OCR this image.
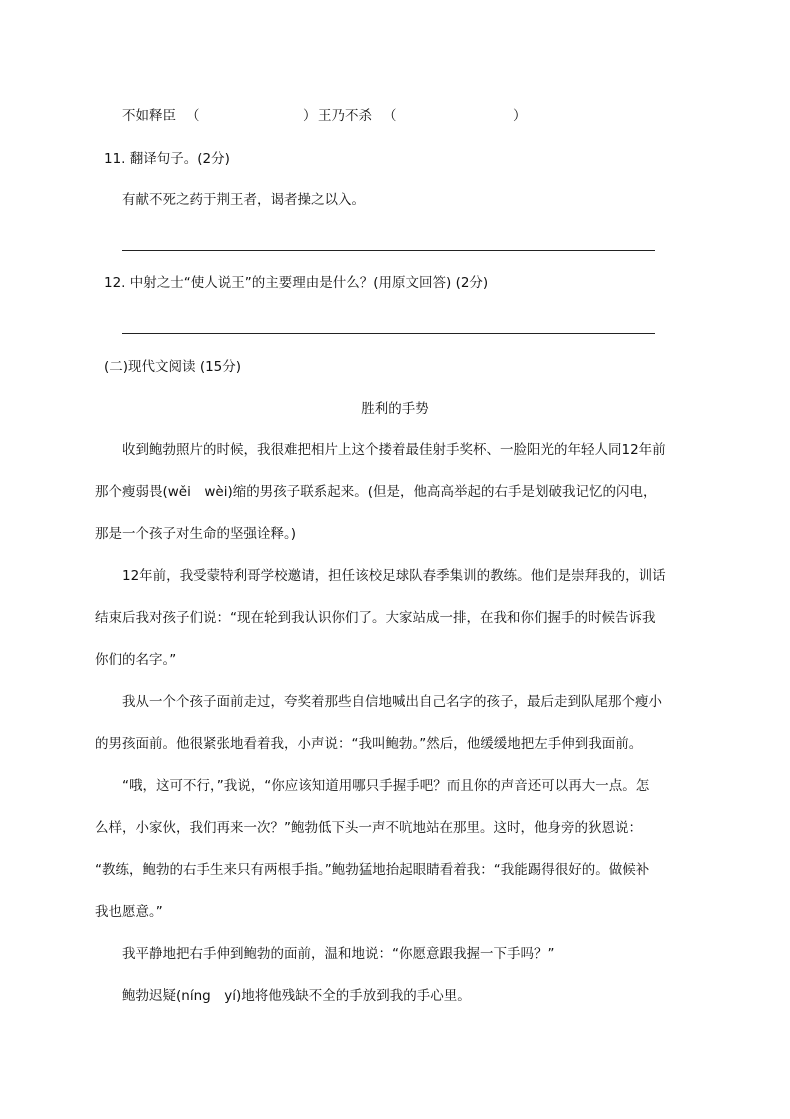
不如释臣 （	） 王乃不杀 （	）
11. 翻译句子。(2分)
有献不死之药于荆王者，谒者操之以入。
12. 中射之士“使人说王”的主要理由是什么？(用原文回答) (2分)
(二)现代文阅读 (15分)
胜利的手势
收到鲍勃照片的时候，我很难把相片上这个搂着最佳射手奖杯、一脸阳光的年轻人同12年前
那个瘦弱畏(wěi　wèi)缩的男孩子联系起来。(但是，他高高举起的右手是划破我记忆的闪电，
那是一个孩子对生命的坚强诠释。)
12年前，我受蒙特利哥学校邀请，担任该校足球队春季集训的教练。他们是崇拜我的，训话
结束后我对孩子们说：“现在轮到我认识你们了。大家站成一排，在我和你们握手的时候告诉我
你们的名字。”
我从一个个孩子面前走过，夸奖着那些自信地喊出自己名字的孩子，最后走到队尾那个瘦小
的男孩面前。他很紧张地看着我，小声说：“我叫鲍勃。”然后，他缓缓地把左手伸到我面前。
“哦，这可不行，”我说，“你应该知道用哪只手握手吧？而且你的声音还可以再大一点。怎
么样，小家伙，我们再来一次？”鲍勃低下头一声不吭地站在那里。这时，他身旁的狄恩说：
“教练，鲍勃的右手生来只有两根手指。”鲍勃猛地抬起眼睛看着我：“我能踢得很好的。做候补
我也愿意。”
我平静地把右手伸到鲍勃的面前，温和地说：“你愿意跟我握一下手吗？”
鲍勃迟疑(níng　yí)地将他残缺不全的手放到我的手心里。
